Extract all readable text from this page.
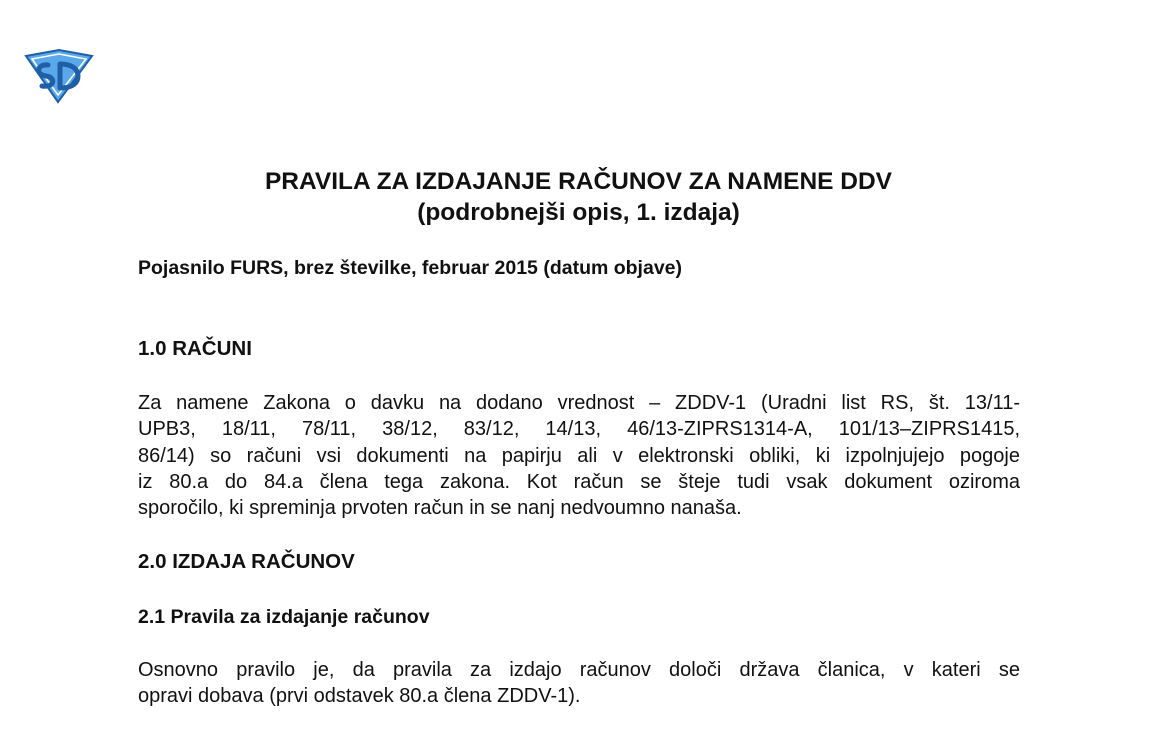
PRAVILA ZA IZDAJANJE RAČUNOV ZA NAMENE DDV
(podrobnejši opis, 1. izdaja)

Pojasnilo FURS, brez številke, februar 2015 (datum objave)

1.0 RAČUNI

Za namene Zakona o davku na dodano vrednost – ZDDV-1 (Uradni list RS, št. 13/11-
UPB3, 18/11, 78/11, 38/12, 83/12, 14/13, 46/13-ZIPRS1314-A, 101/13–ZIPRS1415,
86/14) so računi vsi dokumenti na papirju ali v elektronski obliki, ki izpolnjujejo pogoje
iz 80.a do 84.a člena tega zakona. Kot račun se šteje tudi vsak dokument oziroma
sporočilo, ki spreminja prvoten račun in se nanj nedvoumno nanaša.

2.0 IZDAJA RAČUNOV

2.1 Pravila za izdajanje računov

Osnovno pravilo je, da pravila za izdajo računov določi država članica, v kateri se
opravi dobava (prvi odstavek 80.a člena ZDDV-1).
